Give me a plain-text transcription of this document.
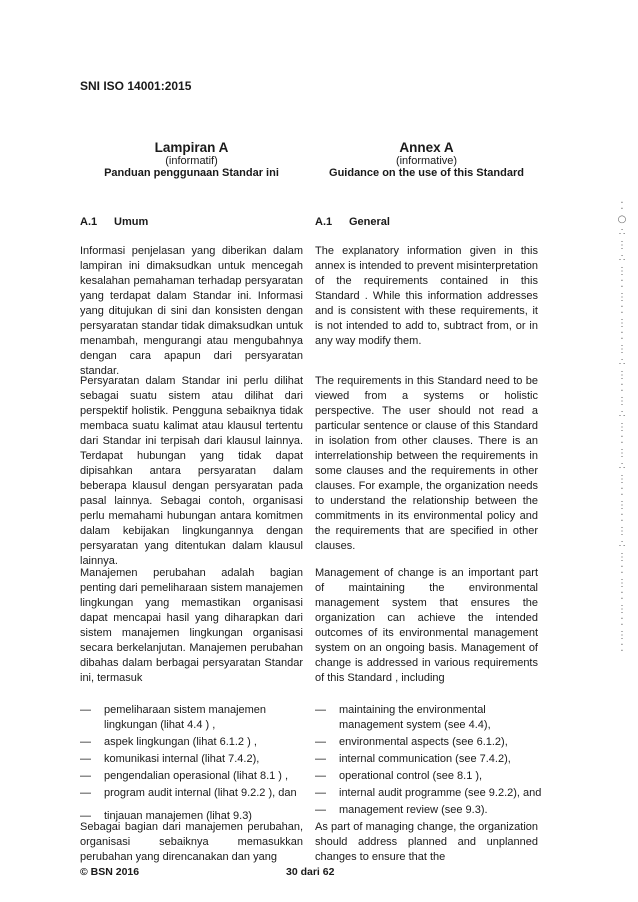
SNI ISO 14001:2015
Lampiran A
(informatif)
Panduan penggunaan Standar ini
Annex A
(informative)
Guidance on the use of this Standard
A.1 Umum	A.1 General
Informasi penjelasan yang diberikan dalam lampiran ini dimaksudkan untuk mencegah kesalahan pemahaman terhadap persyaratan yang terdapat dalam Standar ini. Informasi yang ditujukan di sini dan konsisten dengan persyaratan standar tidak dimaksudkan untuk menambah, mengurangi atau mengubahnya dengan cara apapun dari persyaratan standar.
Persyaratan dalam Standar ini perlu dilihat sebagai suatu sistem atau dilihat dari perspektif holistik. Pengguna sebaiknya tidak membaca suatu kalimat atau klausul tertentu dari Standar ini terpisah dari klausul lainnya. Terdapat hubungan yang tidak dapat dipisahkan antara persyaratan dalam beberapa klausul dengan persyaratan pada pasal lainnya. Sebagai contoh, organisasi perlu memahami hubungan antara komitmen dalam kebijakan lingkungannya dengan persyaratan yang ditentukan dalam klausul lainnya.
Manajemen perubahan adalah bagian penting dari pemeliharaan sistem manajemen lingkungan yang memastikan organisasi dapat mencapai hasil yang diharapkan dari sistem manajemen lingkungan organisasi secara berkelanjutan. Manajemen perubahan dibahas dalam berbagai persyaratan Standar ini, termasuk
The explanatory information given in this annex is intended to prevent misinterpretation of the requirements contained in this Standard . While this information addresses and is consistent with these requirements, it is not intended to add to, subtract from, or in any way modify them.
The requirements in this Standard need to be viewed from a systems or holistic perspective. The user should not read a particular sentence or clause of this Standard in isolation from other clauses. There is an interrelationship between the requirements in some clauses and the requirements in other clauses. For example, the organization needs to understand the relationship between the commitments in its environmental policy and the requirements that are specified in other clauses.
Management of change is an important part of maintaining the environmental management system that ensures the organization can achieve the intended outcomes of its environmental management system on an ongoing basis. Management of change is addressed in various requirements of this Standard , including
— pemeliharaan sistem manajemen lingkungan (lihat 4.4 ) ,
— aspek lingkungan (lihat 6.1.2 ) ,
— komunikasi internal (lihat 7.4.2),
— pengendalian operasional (lihat 8.1 ) ,
— program audit internal (lihat 9.2.2 ), dan
— tinjauan manajemen (lihat 9.3)
— maintaining the environmental management system (see 4.4),
— environmental aspects (see 6.1.2),
— internal communication (see 7.4.2),
— operational control (see 8.1 ),
— internal audit programme (see 9.2.2), and
— management review (see 9.3).
Sebagai bagian dari manajemen perubahan, organisasi sebaiknya memasukkan perubahan yang direncanakan dan yang
As part of managing change, the organization should address planned and unplanned changes to ensure that the
© BSN 2016	30 dari 62
⁚
○
∴
⋮
∴
⋮
⁚
⋮
⁚
⋮
⁚
⋮
∴
⋮
⁚
⋮
∴
⋮
⁚
⋮
∴
⋮
⁚
⋮
⁚
⋮
∴
⋮
⁚
⋮
⁚
⋮
⁚
⋮
⁚
